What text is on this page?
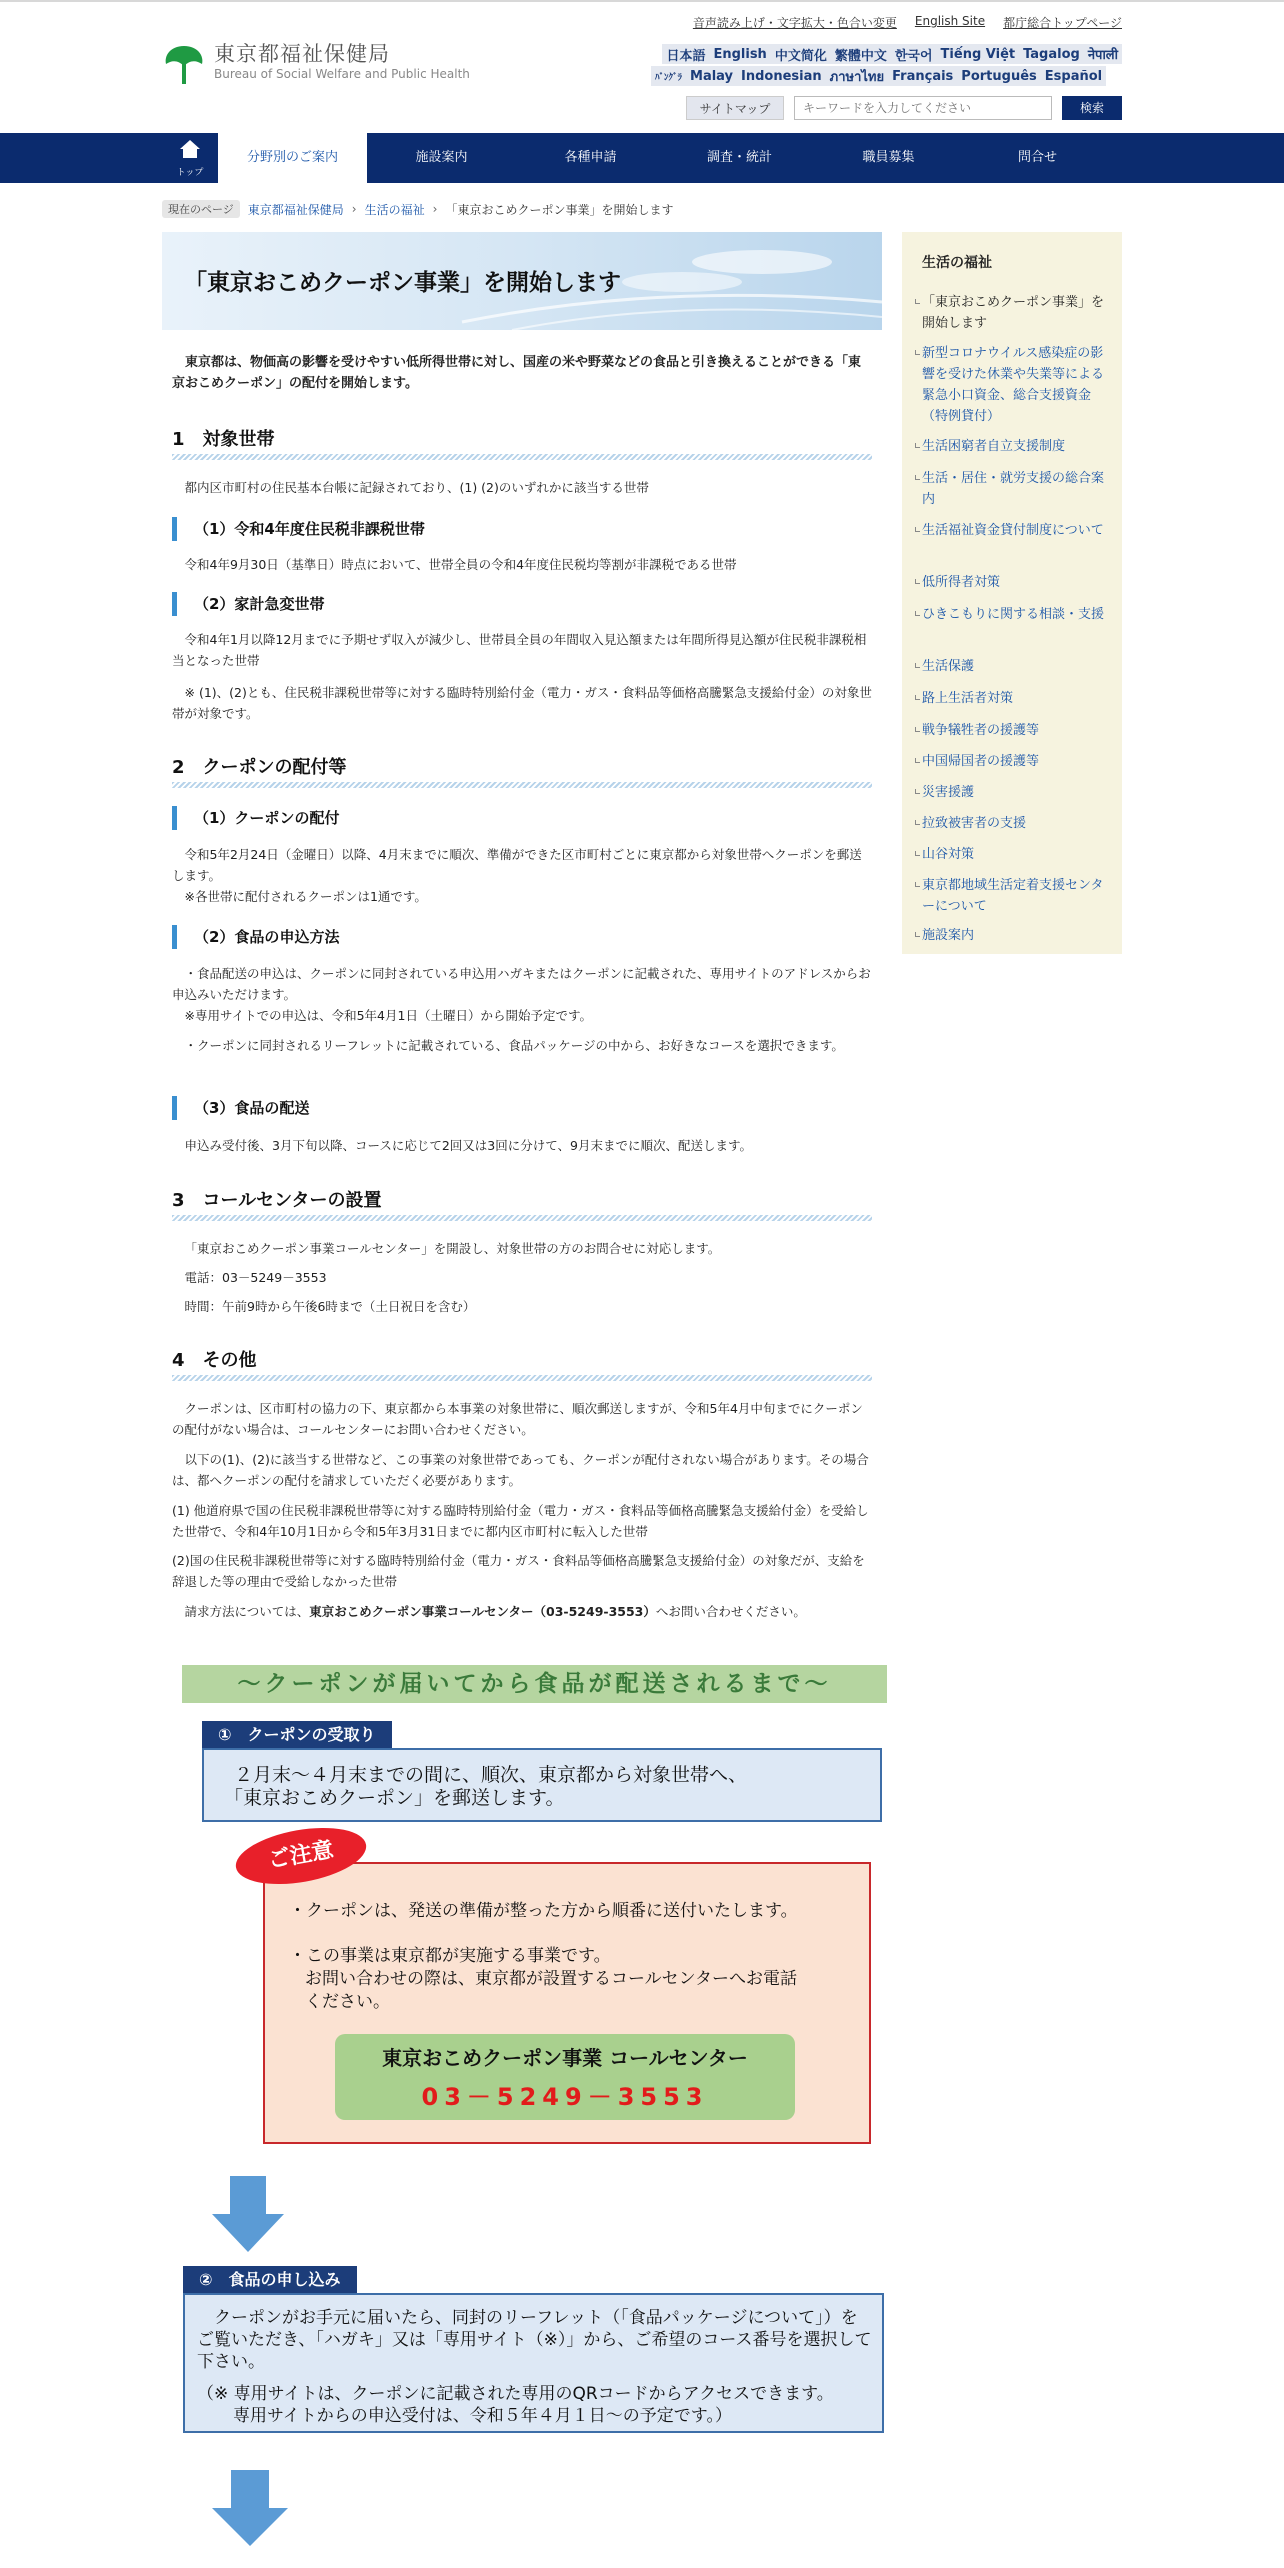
東京都福祉保健局
Bureau of Social Welfare and Public Health
音声読み上げ・文字拡大・色合い変更 English Site 都庁総合トップページ
日本語 English 中文简化 繁體中文 한국어 Tiếng Việt Tagalog नेपाली
ﾊﾞﾝｸﾞﾗ Malay Indonesian ภาษาไทย Français Português Español
サイトマップ
キーワードを入力してください	検索
トップ
分野別のご案内	施設案内	各種申請	調査・統計	職員募集	問合せ
現在のページ	東京都福祉保健局 › 生活の福祉 › 「東京おこめクーポン事業」を開始します
「東京おこめクーポン事業」を開始します
東京都は、物価高の影響を受けやすい低所得世帯に対し、国産の米や野菜などの食品と引き換えることができる「東京おこめクーポン」の配付を開始します。
1　対象世帯
都内区市町村の住民基本台帳に記録されており、(1) (2)のいずれかに該当する世帯
（1）令和4年度住民税非課税世帯
令和4年9月30日（基準日）時点において、世帯全員の令和4年度住民税均等割が非課税である世帯
（2）家計急変世帯
令和4年1月以降12月までに予期せず収入が減少し、世帯員全員の年間収入見込額または年間所得見込額が住民税非課税相当となった世帯
※ (1)、(2)とも、住民税非課税世帯等に対する臨時特別給付金（電力・ガス・食料品等価格高騰緊急支援給付金）の対象世帯が対象です。
2　クーポンの配付等
（1）クーポンの配付
令和5年2月24日（金曜日）以降、4月末までに順次、準備ができた区市町村ごとに東京都から対象世帯へクーポンを郵送します。
※各世帯に配付されるクーポンは1通です。
（2）食品の申込方法
・食品配送の申込は、クーポンに同封されている申込用ハガキまたはクーポンに記載された、専用サイトのアドレスからお申込みいただけます。
※専用サイトでの申込は、令和5年4月1日（土曜日）から開始予定です。
・クーポンに同封されるリーフレットに記載されている、食品パッケージの中から、お好きなコースを選択できます。
（3）食品の配送
申込み受付後、3月下旬以降、コースに応じて2回又は3回に分けて、9月末までに順次、配送します。
3　コールセンターの設置
「東京おこめクーポン事業コールセンター」を開設し、対象世帯の方のお問合せに対応します。
電話：03－5249－3553
時間：午前9時から午後6時まで（土日祝日を含む）
4　その他
クーポンは、区市町村の協力の下、東京都から本事業の対象世帯に、順次郵送しますが、令和5年4月中旬までにクーポンの配付がない場合は、コールセンターにお問い合わせください。
以下の(1)、(2)に該当する世帯など、この事業の対象世帯であっても、クーポンが配付されない場合があります。その場合は、都へクーポンの配付を請求していただく必要があります。
(1) 他道府県で国の住民税非課税世帯等に対する臨時特別給付金（電力・ガス・食料品等価格高騰緊急支援給付金）を受給した世帯で、令和4年10月1日から令和5年3月31日までに都内区市町村に転入した世帯
(2)国の住民税非課税世帯等に対する臨時特別給付金（電力・ガス・食料品等価格高騰緊急支援給付金）の対象だが、支給を辞退した等の理由で受給しなかった世帯
請求方法については、東京おこめクーポン事業コールセンター（03-5249-3553）へお問い合わせください。
生活の福祉
「東京おこめクーポン事業」を開始します
新型コロナウイルス感染症の影響を受けた休業や失業等による緊急小口資金、総合支援資金（特例貸付）
生活困窮者自立支援制度
生活・居住・就労支援の総合案内
生活福祉資金貸付制度について
低所得者対策
ひきこもりに関する相談・支援
生活保護
路上生活者対策
戦争犠牲者の援護等
中国帰国者の援護等
災害援護
拉致被害者の支援
山谷対策
東京都地域生活定着支援センターについて
施設案内
～クーポンが届いてから食品が配送されるまで～
①　クーポンの受取り
２月末～４月末までの間に、順次、東京都から対象世帯へ、
「東京おこめクーポン」を郵送します。
・クーポンは、発送の準備が整った方から順番に送付いたします。
・この事業は東京都が実施する事業です。
お問い合わせの際は、東京都が設置するコールセンターへお電話
ください。
ご注意
東京おこめクーポン事業 コールセンター
03－5249－3553
②　食品の申し込み
クーポンがお手元に届いたら、同封のリーフレット（「食品パッケージについて」）をご覧いただき、「ハガキ」又は「専用サイト（※）」から、ご希望のコース番号を選択して下さい。
（※ 専用サイトは、クーポンに記載された専用のQRコードからアクセスできます。
専用サイトからの申込受付は、令和５年４月１日～の予定です。）
